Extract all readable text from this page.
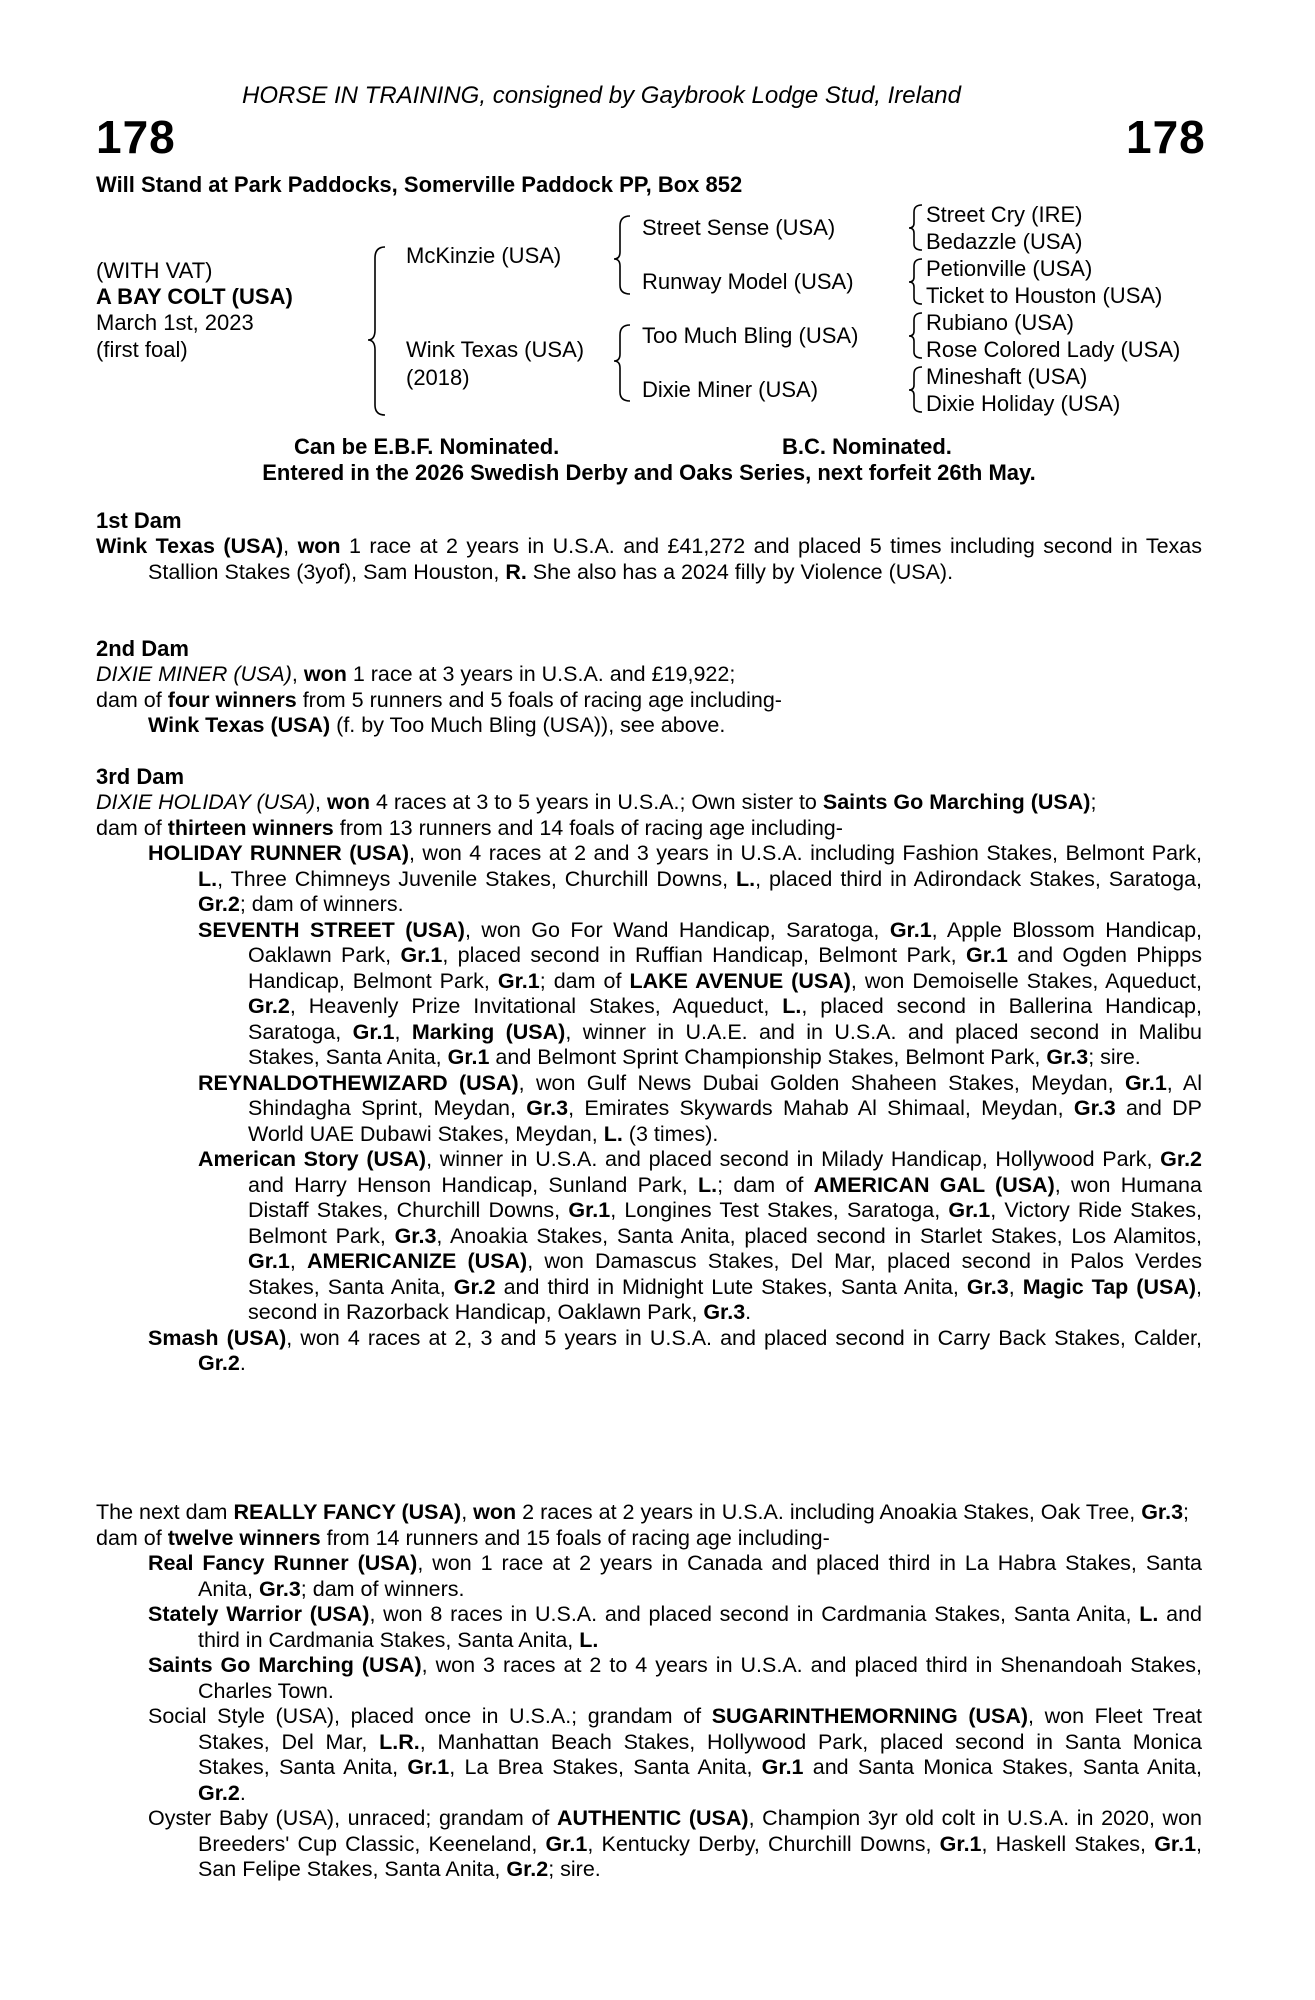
HORSE IN TRAINING, consigned by Gaybrook Lodge Stud, Ireland
178	178
Will Stand at Park Paddocks, Somerville Paddock PP, Box 852
(WITH VAT)
A BAY COLT (USA)
March 1st, 2023
(first foal)
McKinzie (USA)
Wink Texas (USA)
(2018)
Street Sense (USA)
Runway Model (USA)
Too Much Bling (USA)
Dixie Miner (USA)
Street Cry (IRE)
Bedazzle (USA)
Petionville (USA)
Ticket to Houston (USA)
Rubiano (USA)
Rose Colored Lady (USA)
Mineshaft (USA)
Dixie Holiday (USA)
Can be E.B.F. Nominated.	B.C. Nominated.
Entered in the 2026 Swedish Derby and Oaks Series, next forfeit 26th May.

1st Dam

Wink Texas (USA), won 1 race at 2 years in U.S.A. and £41,272 and placed 5 times including second in Texas Stallion Stakes (3yof), Sam Houston, R. She also has a 2024 filly by Violence (USA).

2nd Dam

DIXIE MINER (USA), won 1 race at 3 years in U.S.A. and £19,922;

dam of four winners from 5 runners and 5 foals of racing age including-

Wink Texas (USA) (f. by Too Much Bling (USA)), see above.

3rd Dam

DIXIE HOLIDAY (USA), won 4 races at 3 to 5 years in U.S.A.; Own sister to Saints Go Marching (USA);

dam of thirteen winners from 13 runners and 14 foals of racing age including-

HOLIDAY RUNNER (USA), won 4 races at 2 and 3 years in U.S.A. including Fashion Stakes, Belmont Park, L., Three Chimneys Juvenile Stakes, Churchill Downs, L., placed third in Adirondack Stakes, Saratoga, Gr.2; dam of winners.

SEVENTH STREET (USA), won Go For Wand Handicap, Saratoga, Gr.1, Apple Blossom Handicap, Oaklawn Park, Gr.1, placed second in Ruffian Handicap, Belmont Park, Gr.1 and Ogden Phipps Handicap, Belmont Park, Gr.1; dam of LAKE AVENUE (USA), won Demoiselle Stakes, Aqueduct, Gr.2, Heavenly Prize Invitational Stakes, Aqueduct, L., placed second in Ballerina Handicap, Saratoga, Gr.1, Marking (USA), winner in U.A.E. and in U.S.A. and placed second in Malibu Stakes, Santa Anita, Gr.1 and Belmont Sprint Championship Stakes, Belmont Park, Gr.3; sire.

REYNALDOTHEWIZARD (USA), won Gulf News Dubai Golden Shaheen Stakes, Meydan, Gr.1, Al Shindagha Sprint, Meydan, Gr.3, Emirates Skywards Mahab Al Shimaal, Meydan, Gr.3 and DP World UAE Dubawi Stakes, Meydan, L. (3 times).

American Story (USA), winner in U.S.A. and placed second in Milady Handicap, Hollywood Park, Gr.2 and Harry Henson Handicap, Sunland Park, L.; dam of AMERICAN GAL (USA), won Humana Distaff Stakes, Churchill Downs, Gr.1, Longines Test Stakes, Saratoga, Gr.1, Victory Ride Stakes, Belmont Park, Gr.3, Anoakia Stakes, Santa Anita, placed second in Starlet Stakes, Los Alamitos, Gr.1, AMERICANIZE (USA), won Damascus Stakes, Del Mar, placed second in Palos Verdes Stakes, Santa Anita, Gr.2 and third in Midnight Lute Stakes, Santa Anita, Gr.3, Magic Tap (USA), second in Razorback Handicap, Oaklawn Park, Gr.3.

Smash (USA), won 4 races at 2, 3 and 5 years in U.S.A. and placed second in Carry Back Stakes, Calder, Gr.2.

The next dam REALLY FANCY (USA), won 2 races at 2 years in U.S.A. including Anoakia Stakes, Oak Tree, Gr.3;

dam of twelve winners from 14 runners and 15 foals of racing age including-

Real Fancy Runner (USA), won 1 race at 2 years in Canada and placed third in La Habra Stakes, Santa Anita, Gr.3; dam of winners.

Stately Warrior (USA), won 8 races in U.S.A. and placed second in Cardmania Stakes, Santa Anita, L. and third in Cardmania Stakes, Santa Anita, L.

Saints Go Marching (USA), won 3 races at 2 to 4 years in U.S.A. and placed third in Shenandoah Stakes, Charles Town.

Social Style (USA), placed once in U.S.A.; grandam of SUGARINTHEMORNING (USA), won Fleet Treat Stakes, Del Mar, L.R., Manhattan Beach Stakes, Hollywood Park, placed second in Santa Monica Stakes, Santa Anita, Gr.1, La Brea Stakes, Santa Anita, Gr.1 and Santa Monica Stakes, Santa Anita, Gr.2.

Oyster Baby (USA), unraced; grandam of AUTHENTIC (USA), Champion 3yr old colt in U.S.A. in 2020, won Breeders' Cup Classic, Keeneland, Gr.1, Kentucky Derby, Churchill Downs, Gr.1, Haskell Stakes, Gr.1, San Felipe Stakes, Santa Anita, Gr.2; sire.
